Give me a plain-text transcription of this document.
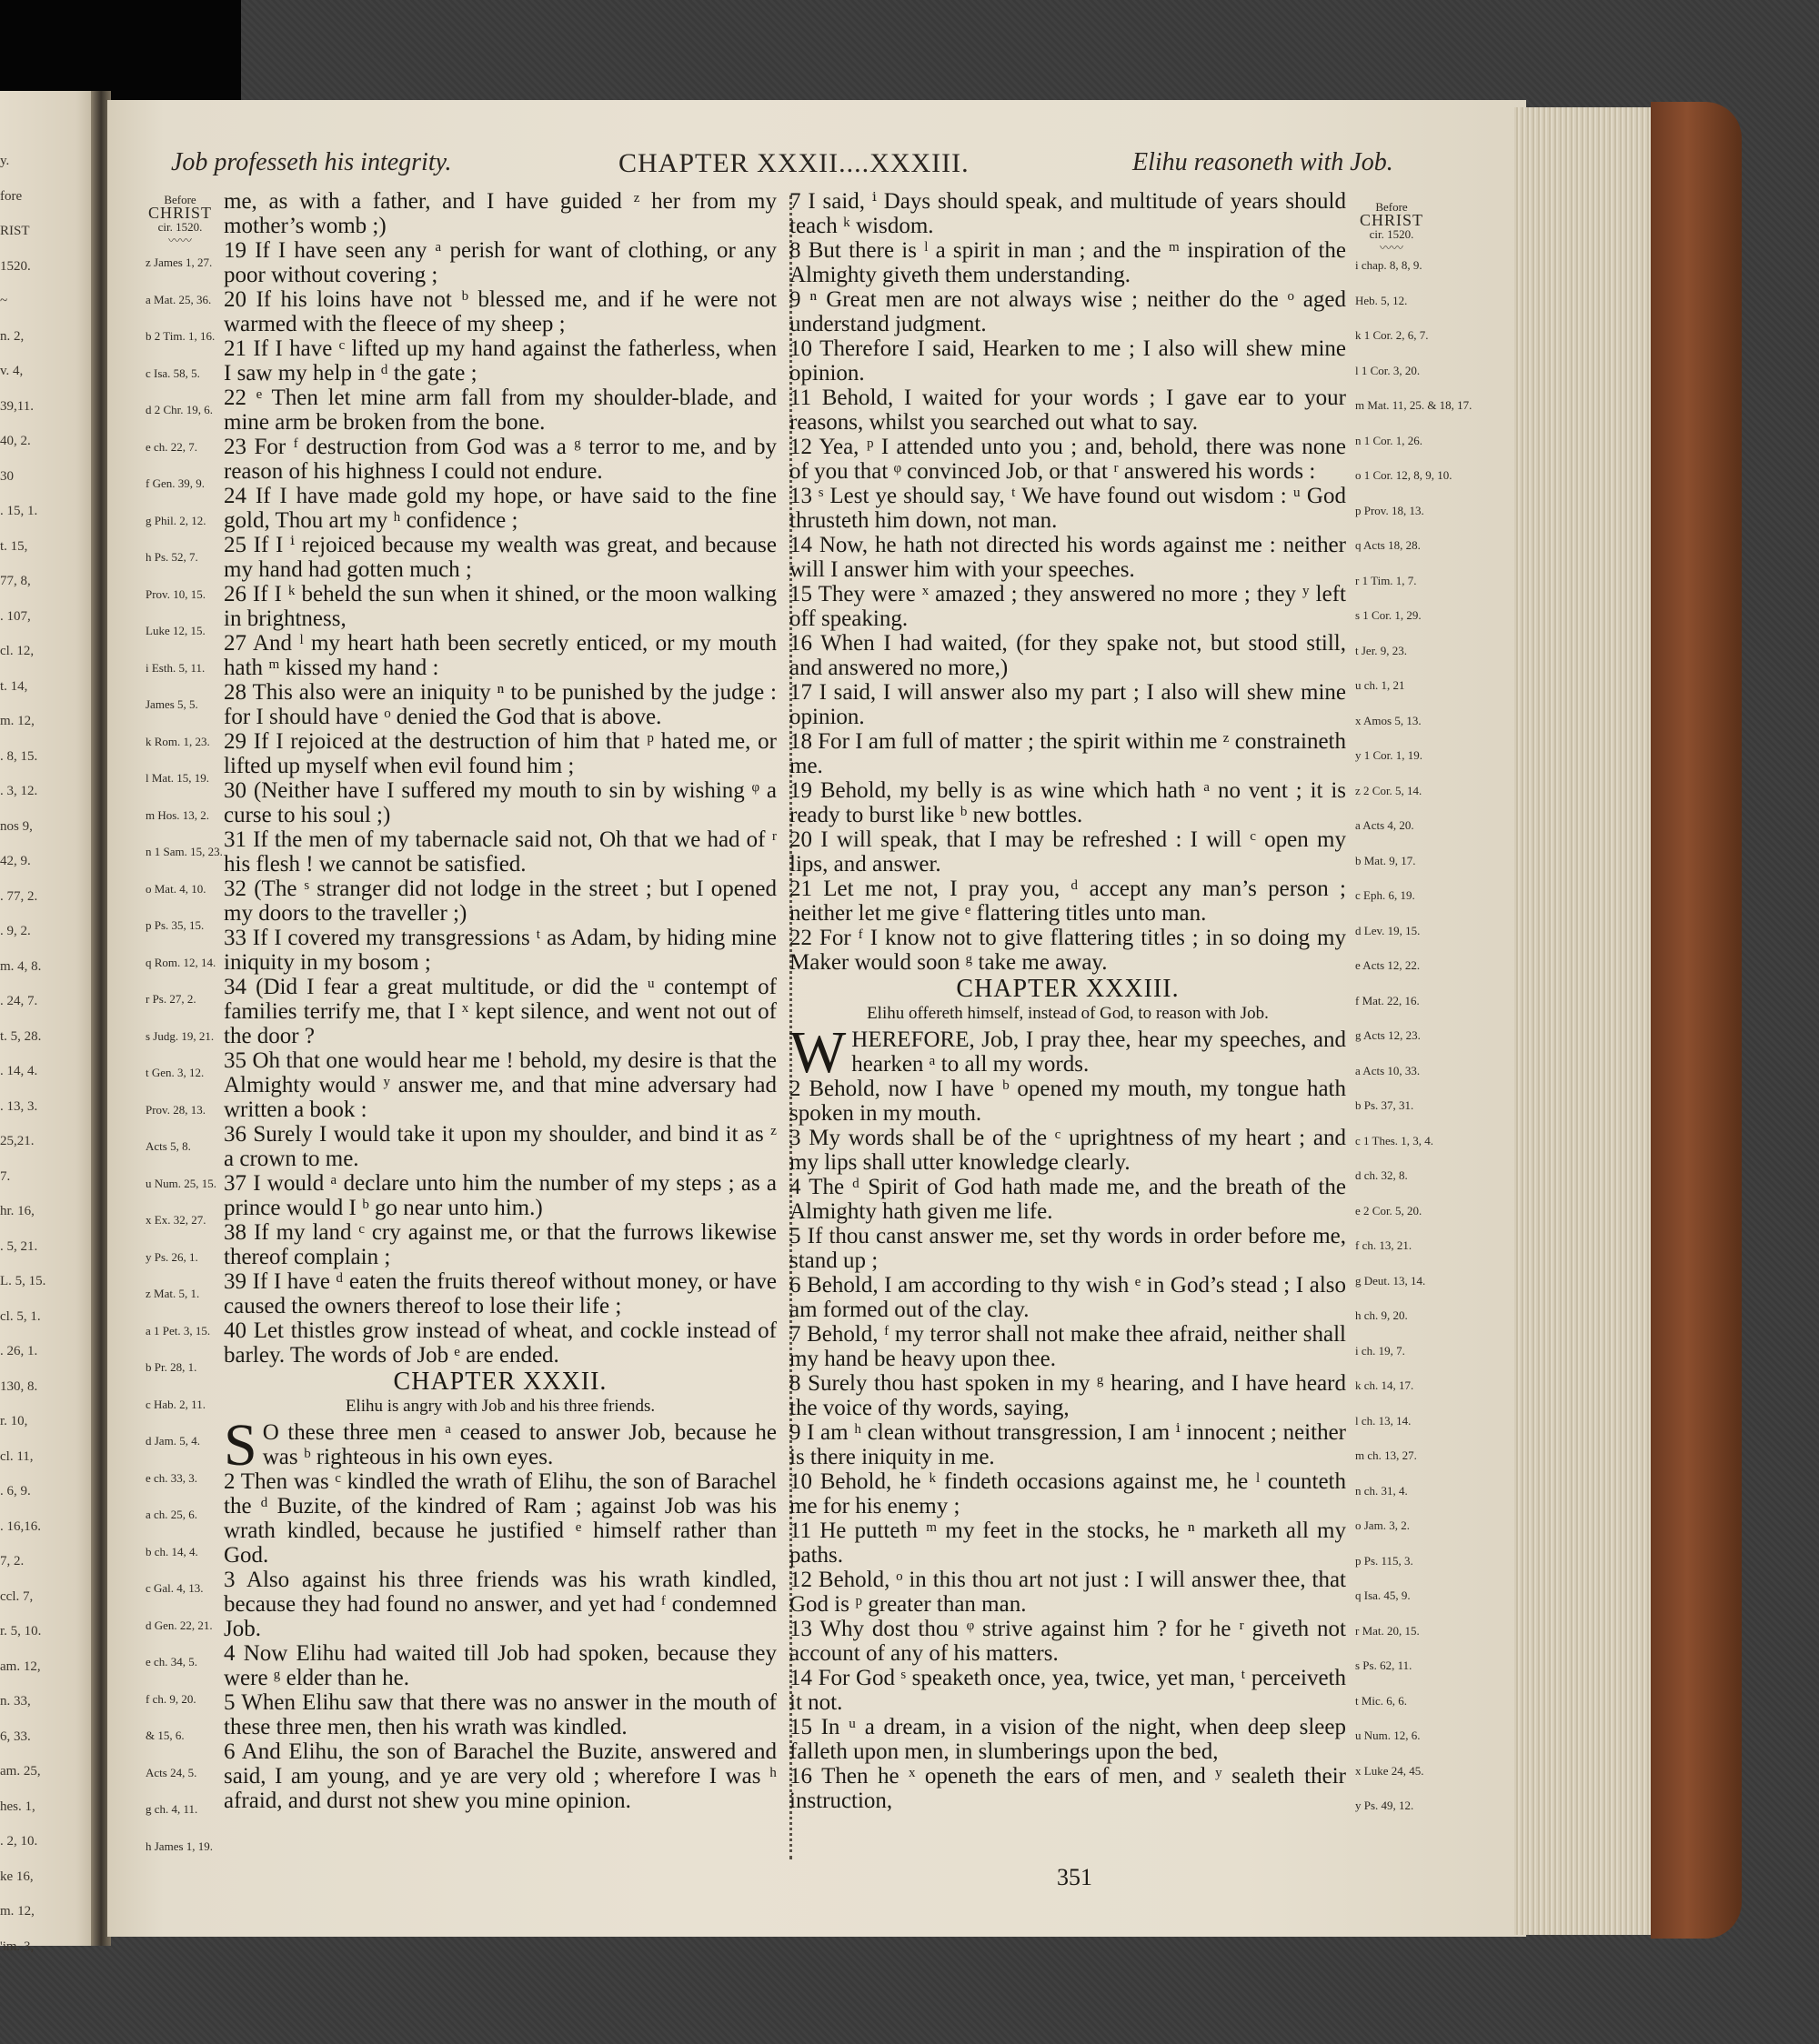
y.
fore
RIST
1520.
~
n. 2,
v. 4,
39,11.
40, 2.
30
. 15, 1.
t. 15,
77, 8,
. 107,
cl. 12,
t. 14,
m. 12,
. 8, 15.
. 3, 12.
nos 9,
42, 9.
. 77, 2.
. 9, 2.
m. 4, 8.
. 24, 7.
t. 5, 28.
. 14, 4.
. 13, 3.
25,21.
7.
hr. 16,
. 5, 21.
L. 5, 15.
cl. 5, 1.
. 26, 1.
130, 8.
r. 10,
cl. 11,
. 6, 9.
. 16,16.
7, 2.
ccl. 7,
r. 5, 10.
am. 12,
n. 33,
6, 33.
am. 25,
hes. 1,
. 2, 10.
ke 16,
m. 12,
'im. 3,
Job professeth his integrity.	CHAPTER XXXII....XXXIII.	Elihu reasoneth with Job.
Before
CHRIST
cir. 1520.
〰〰
Before
CHRIST
cir. 1520.
〰〰

me, as with a father, and I have guided ᶻ her from my mother’s womb ;)

19 If I have seen any ᵃ perish for want of clothing, or any poor without covering ;

20 If his loins have not ᵇ blessed me, and if he were not warmed with the fleece of my sheep ;

21 If I have ᶜ lifted up my hand against the fatherless, when I saw my help in ᵈ the gate ;

22 ᵉ Then let mine arm fall from my shoulder-blade, and mine arm be broken from the bone.

23 For ᶠ destruction from God was a ᵍ terror to me, and by reason of his highness I could not endure.

24 If I have made gold my hope, or have said to the fine gold, Thou art my ʰ confidence ;

25 If I ⁱ rejoiced because my wealth was great, and because my hand had gotten much ;

26 If I ᵏ beheld the sun when it shined, or the moon walking in brightness,

27 And ˡ my heart hath been secretly enticed, or my mouth hath ᵐ kissed my hand :

28 This also were an iniquity ⁿ to be punished by the judge : for I should have ᵒ denied the God that is above.

29 If I rejoiced at the destruction of him that ᵖ hated me, or lifted up myself when evil found him ;

30 (Neither have I suffered my mouth to sin by wishing ᵠ a curse to his soul ;)

31 If the men of my tabernacle said not, Oh that we had of ʳ his flesh ! we cannot be satisfied.

32 (The ˢ stranger did not lodge in the street ; but I opened my doors to the traveller ;)

33 If I covered my transgressions ᵗ as Adam, by hiding mine iniquity in my bosom ;

34 (Did I fear a great multitude, or did the ᵘ contempt of families terrify me, that I ˣ kept silence, and went not out of the door ?

35 Oh that one would hear me ! behold, my desire is that the Almighty would ʸ answer me, and that mine adversary had written a book :

36 Surely I would take it upon my shoulder, and bind it as ᶻ a crown to me.

37 I would ᵃ declare unto him the number of my steps ; as a prince would I ᵇ go near unto him.)

38 If my land ᶜ cry against me, or that the furrows likewise thereof complain ;

39 If I have ᵈ eaten the fruits thereof without money, or have caused the owners thereof to lose their life ;

40 Let thistles grow instead of wheat, and cockle instead of barley. The words of Job ᵉ are ended.

CHAPTER XXXII.

Elihu is angry with Job and his three friends.

S O these three men ᵃ ceased to answer Job, because he was ᵇ righteous in his own eyes.

2 Then was ᶜ kindled the wrath of Elihu, the son of Barachel the ᵈ Buzite, of the kindred of Ram ; against Job was his wrath kindled, because he justified ᵉ himself rather than God.

3 Also against his three friends was his wrath kindled, because they had found no answer, and yet had ᶠ condemned Job.

4 Now Elihu had waited till Job had spoken, because they were ᵍ elder than he.

5 When Elihu saw that there was no answer in the mouth of these three men, then his wrath was kindled.

6 And Elihu, the son of Barachel the Buzite, answered and said, I am young, and ye are very old ; wherefore I was ʰ afraid, and durst not shew you mine opinion.

7 I said, ⁱ Days should speak, and multitude of years should teach ᵏ wisdom.

8 But there is ˡ a spirit in man ; and the ᵐ inspiration of the Almighty giveth them understanding.

9 ⁿ Great men are not always wise ; neither do the ᵒ aged understand judgment.

10 Therefore I said, Hearken to me ; I also will shew mine opinion.

11 Behold, I waited for your words ; I gave ear to your reasons, whilst you searched out what to say.

12 Yea, ᵖ I attended unto you ; and, behold, there was none of you that ᵠ convinced Job, or that ʳ answered his words :

13 ˢ Lest ye should say, ᵗ We have found out wisdom : ᵘ God thrusteth him down, not man.

14 Now, he hath not directed his words against me : neither will I answer him with your speeches.

15 They were ˣ amazed ; they answered no more ; they ʸ left off speaking.

16 When I had waited, (for they spake not, but stood still, and answered no more,)

17 I said, I will answer also my part ; I also will shew mine opinion.

18 For I am full of matter ; the spirit within me ᶻ constraineth me.

19 Behold, my belly is as wine which hath ᵃ no vent ; it is ready to burst like ᵇ new bottles.

20 I will speak, that I may be refreshed : I will ᶜ open my lips, and answer.

21 Let me not, I pray you, ᵈ accept any man’s person ; neither let me give ᵉ flattering titles unto man.

22 For ᶠ I know not to give flattering titles ; in so doing my Maker would soon ᵍ take me away.

CHAPTER XXXIII.

Elihu offereth himself, instead of God, to reason with Job.

WHEREFORE, Job, I pray thee, hear my speeches, and hearken ᵃ to all my words.

2 Behold, now I have ᵇ opened my mouth, my tongue hath spoken in my mouth.

3 My words shall be of the ᶜ uprightness of my heart ; and my lips shall utter knowledge clearly.

4 The ᵈ Spirit of God hath made me, and the breath of the Almighty hath given me life.

5 If thou canst answer me, set thy words in order before me, stand up ;

6 Behold, I am according to thy wish ᵉ in God’s stead ; I also am formed out of the clay.

7 Behold, ᶠ my terror shall not make thee afraid, neither shall my hand be heavy upon thee.

8 Surely thou hast spoken in my ᵍ hearing, and I have heard the voice of thy words, saying,

9 I am ʰ clean without transgression, I am ⁱ innocent ; neither is there iniquity in me.

10 Behold, he ᵏ findeth occasions against me, he ˡ counteth me for his enemy ;

11 He putteth ᵐ my feet in the stocks, he ⁿ marketh all my paths.

12 Behold, ᵒ in this thou art not just : I will answer thee, that God is ᵖ greater than man.

13 Why dost thou ᵠ strive against him ? for he ʳ giveth not account of any of his matters.

14 For God ˢ speaketh once, yea, twice, yet man, ᵗ perceiveth it not.

15 In ᵘ a dream, in a vision of the night, when deep sleep falleth upon men, in slumberings upon the bed,

16 Then he ˣ openeth the ears of men, and ʸ sealeth their instruction,

z James 1, 27.
a Mat. 25, 36.
b 2 Tim. 1, 16.
c Isa. 58, 5.
d 2 Chr. 19, 6.
e ch. 22, 7.
f Gen. 39, 9.
g Phil. 2, 12.
h Ps. 52, 7.
Prov. 10, 15.
Luke 12, 15.
i Esth. 5, 11.
James 5, 5.
k Rom. 1, 23.
l Mat. 15, 19.
m Hos. 13, 2.
n 1 Sam. 15, 23.
o Mat. 4, 10.
p Ps. 35, 15.
q Rom. 12, 14.
r Ps. 27, 2.
s Judg. 19, 21.
t Gen. 3, 12.
Prov. 28, 13.
Acts 5, 8.
u Num. 25, 15.
x Ex. 32, 27.
y Ps. 26, 1.
z Mat. 5, 1.
a 1 Pet. 3, 15.
b Pr. 28, 1.
c Hab. 2, 11.
d Jam. 5, 4.
e ch. 33, 3.
a ch. 25, 6.
b ch. 14, 4.
c Gal. 4, 13.
d Gen. 22, 21.
e ch. 34, 5.
f ch. 9, 20.
& 15, 6.
Acts 24, 5.
g ch. 4, 11.
h James 1, 19.
i chap. 8, 8, 9.
Heb. 5, 12.
k 1 Cor. 2, 6, 7.
l 1 Cor. 3, 20.
m Mat. 11, 25. & 18, 17.
n 1 Cor. 1, 26.
o 1 Cor. 12, 8, 9, 10.
p Prov. 18, 13.
q Acts 18, 28.
r 1 Tim. 1, 7.
s 1 Cor. 1, 29.
t Jer. 9, 23.
u ch. 1, 21
x Amos 5, 13.
y 1 Cor. 1, 19.
z 2 Cor. 5, 14.
a Acts 4, 20.
b Mat. 9, 17.
c Eph. 6, 19.
d Lev. 19, 15.
e Acts 12, 22.
f Mat. 22, 16.
g Acts 12, 23.
a Acts 10, 33.
b Ps. 37, 31.
c 1 Thes. 1, 3, 4.
d ch. 32, 8.
e 2 Cor. 5, 20.
f ch. 13, 21.
g Deut. 13, 14.
h ch. 9, 20.
i ch. 19, 7.
k ch. 14, 17.
l ch. 13, 14.
m ch. 13, 27.
n ch. 31, 4.
o Jam. 3, 2.
p Ps. 115, 3.
q Isa. 45, 9.
r Mat. 20, 15.
s Ps. 62, 11.
t Mic. 6, 6.
u Num. 12, 6.
x Luke 24, 45.
y Ps. 49, 12.
351
